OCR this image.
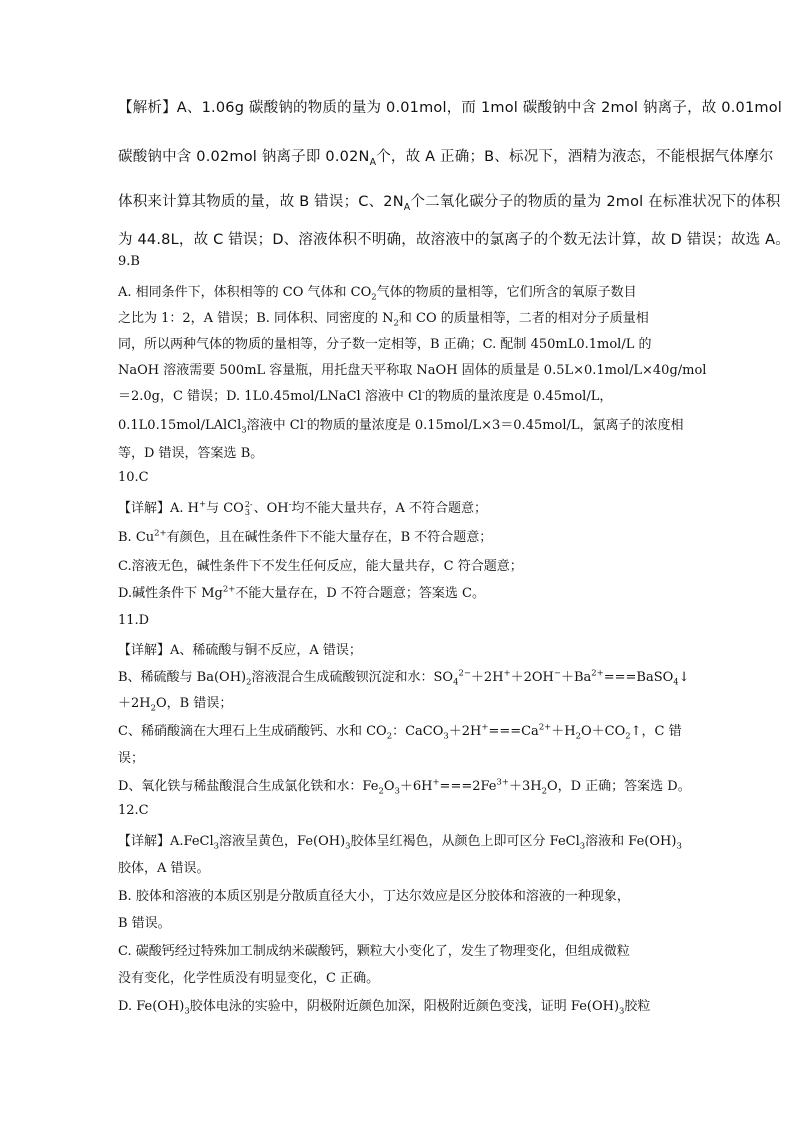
【解析】A、1.06g 碳酸钠的物质的量为 0.01mol，而 1mol 碳酸钠中含 2mol 钠离子，故 0.01mol
碳酸钠中含 0.02mol 钠离子即 $0.02N_A$个，故 A 正确；B、标况下，酒精为液态，不能根据气体摩尔
体积来计算其物质的量，故 B 错误；C、$2N_A$个二氧化碳分子的物质的量为 2mol 在标准状况下的体积
为 44.8L，故 C 错误；D、溶液体积不明确，故溶液中的氯离子的个数无法计算，故 D 错误；故选 A。
9.B
A. 相同条件下，体积相等的 CO 气体和 $CO_2$气体的物质的量相等，它们所含的氧原子数目
之比为 1：2，A 错误；B. 同体积、同密度的 $N_2$和 CO 的质量相等，二者的相对分子质量相
同，所以两种气体的物质的量相等，分子数一定相等，B 正确；C. 配制 450mL0.1mol/L 的
NaOH 溶液需要 500mL 容量瓶，用托盘天平称取 NaOH 固体的质量是 0.5L×0.1mol/L×40g/mol
＝2.0g，C 错误；D. 1L0.45mol/LNaCl 溶液中 Cl-的物质的量浓度是 0.45mol/L，
0.1L0.15mol/LAlCl$_3$溶液中 Cl-的物质的量浓度是 0.15mol/L×3＝0.45mol/L，氯离子的浓度相
等，D 错误，答案选 B。
10.C
【详解】A. H+与 CO 2-
3 、OH-均不能大量共存，A 不符合题意；
B. $Cu^{2+}$有颜色，且在碱性条件下不能大量存在，B 不符合题意；
C.溶液无色，碱性条件下不发生任何反应，能大量共存，C 符合题意；
D.碱性条件下 $Mg^{2+}$不能大量存在，D 不符合题意；答案选 C。
11.D
【详解】A、稀硫酸与铜不反应，A 错误；
B、稀硫酸与 $Ba(OH)_2$溶液混合生成硫酸钡沉淀和水：$SO_4^{2-}+2H^++2OH^-+Ba^{2+}===BaSO_4↓$
$+2H_2O$，B 错误；
C、稀硝酸滴在大理石上生成硝酸钙、水和 $CO_2$：$CaCO_3+2H^+===Ca^{2+}+H_2O+CO_2↑$，C 错
误；
D、氧化铁与稀盐酸混合生成氯化铁和水：$Fe_2O_3+6H^+===2Fe^{3+}+3H_2O$，D 正确；答案选 D。
12.C
【详解】A.FeCl$_3$溶液呈黄色，$Fe(OH)_3$胶体呈红褐色，从颜色上即可区分 FeCl$_3$溶液和 $Fe(OH)_3$
胶体，A 错误。
B. 胶体和溶液的本质区别是分散质直径大小，丁达尔效应是区分胶体和溶液的一种现象，
B 错误。
C. 碳酸钙经过特殊加工制成纳米碳酸钙，颗粒大小变化了，发生了物理变化，但组成微粒
没有变化，化学性质没有明显变化，C 正确。
D. $Fe(OH)_3$胶体电泳的实验中，阴极附近颜色加深，阳极附近颜色变浅，证明 $Fe(OH)_3$胶粒
